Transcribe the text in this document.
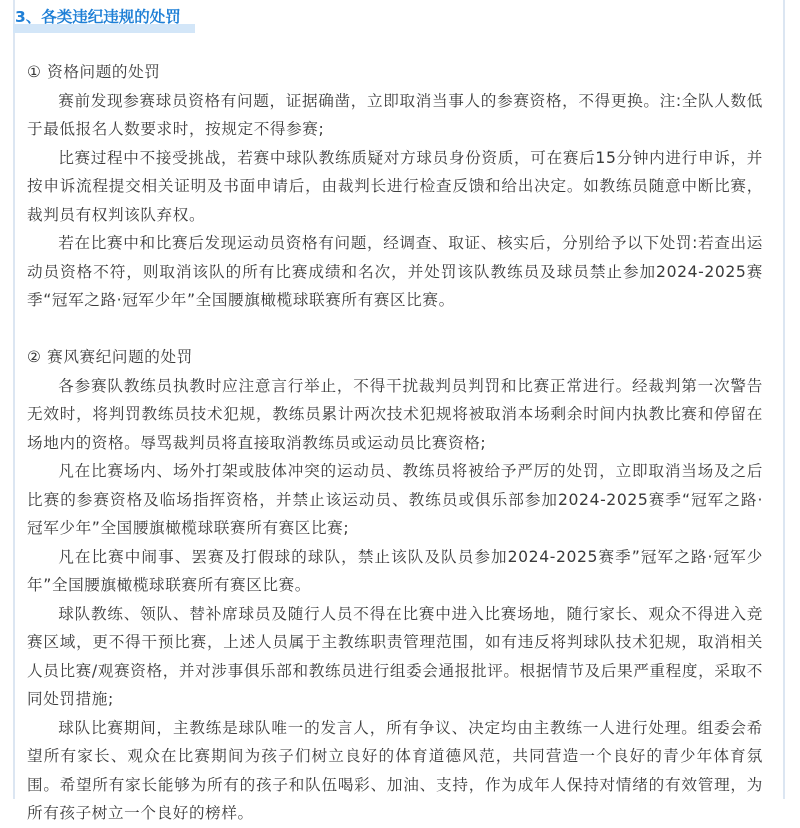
3、各类违纪违规的处罚
① 资格问题的处罚

赛前发现参赛球员资格有问题，证据确凿，立即取消当事人的参赛资格，不得更换。注:全队人数低于最低报名人数要求时，按规定不得参赛;

比赛过程中不接受挑战，若赛中球队教练质疑对方球员身份资质，可在赛后15分钟内进行申诉，并按申诉流程提交相关证明及书面申请后，由裁判长进行检查反馈和给出决定。如教练员随意中断比赛，裁判员有权判该队弃权。

若在比赛中和比赛后发现运动员资格有问题，经调查、取证、核实后，分别给予以下处罚:若查出运动员资格不符，则取消该队的所有比赛成绩和名次，并处罚该队教练员及球员禁止参加2024-2025赛季“冠军之路·冠军少年”全国腰旗橄榄球联赛所有赛区比赛。

② 赛风赛纪问题的处罚

各参赛队教练员执教时应注意言行举止，不得干扰裁判员判罚和比赛正常进行。经裁判第一次警告无效时，将判罚教练员技术犯规，教练员累计两次技术犯规将被取消本场剩余时间内执教比赛和停留在场地内的资格。辱骂裁判员将直接取消教练员或运动员比赛资格;

凡在比赛场内、场外打架或肢体冲突的运动员、教练员将被给予严厉的处罚，立即取消当场及之后比赛的参赛资格及临场指挥资格，并禁止该运动员、教练员或俱乐部参加2024-2025赛季“冠军之路·冠军少年”全国腰旗橄榄球联赛所有赛区比赛;

凡在比赛中闹事、罢赛及打假球的球队，禁止该队及队员参加2024-2025赛季”冠军之路·冠军少年”全国腰旗橄榄球联赛所有赛区比赛。

球队教练、领队、替补席球员及随行人员不得在比赛中进入比赛场地，随行家长、观众不得进入竞赛区域，更不得干预比赛，上述人员属于主教练职责管理范围，如有违反将判球队技术犯规，取消相关人员比赛/观赛资格，并对涉事俱乐部和教练员进行组委会通报批评。根据情节及后果严重程度，采取不同处罚措施;

球队比赛期间，主教练是球队唯一的发言人，所有争议、决定均由主教练一人进行处理。组委会希望所有家长、观众在比赛期间为孩子们树立良好的体育道德风范，共同营造一个良好的青少年体育氛围。希望所有家长能够为所有的孩子和队伍喝彩、加油、支持，作为成年人保持对情绪的有效管理，为所有孩子树立一个良好的榜样。
